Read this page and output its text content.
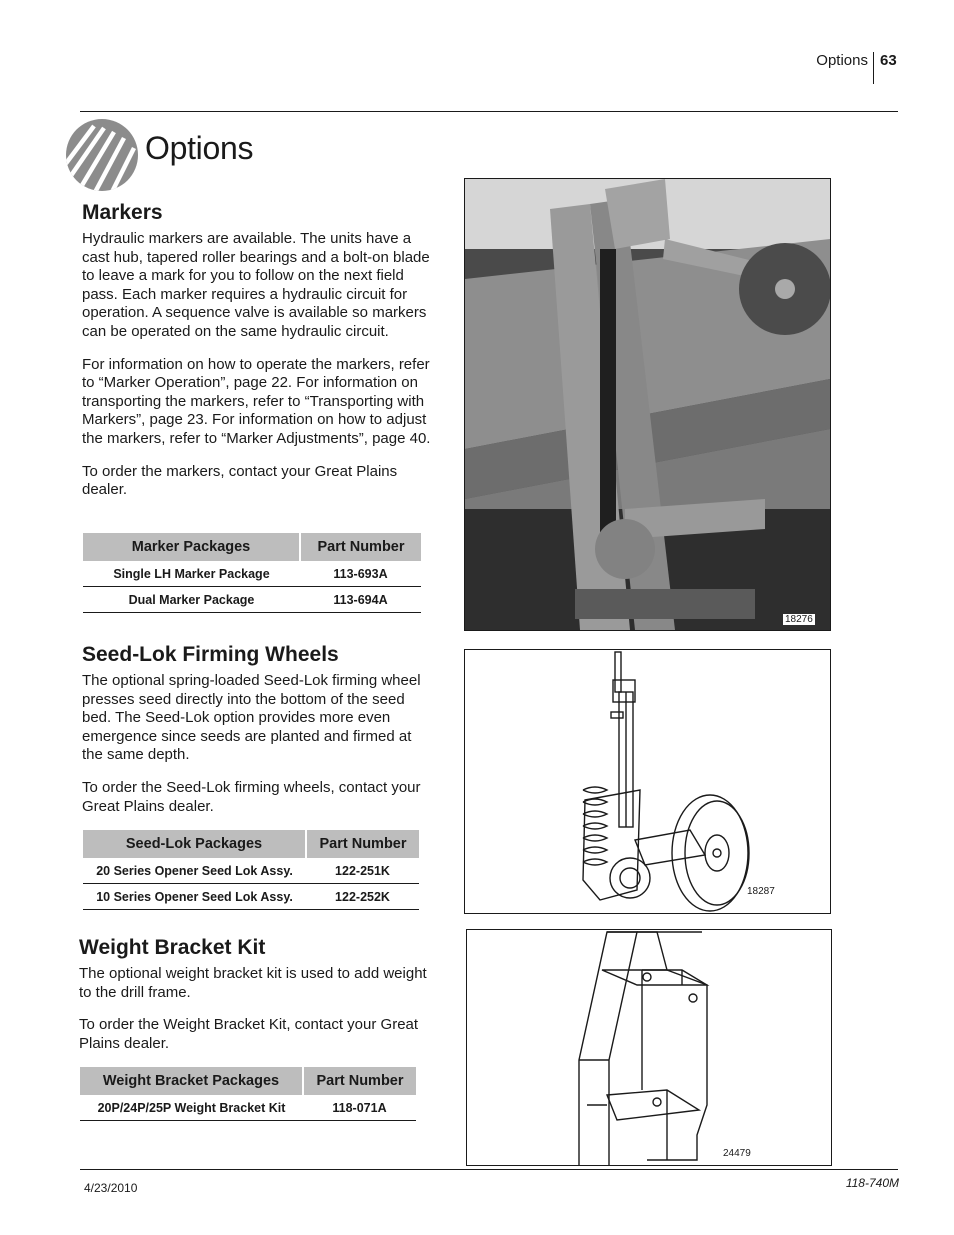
Options 63
Options
Markers

Hydraulic markers are available. The units have a cast hub, tapered roller bearings and a bolt-on blade to leave a mark for you to follow on the next field pass. Each marker requires a hydraulic circuit for operation. A sequence valve is available so markers can be operated on the same hydraulic circuit.

For information on how to operate the markers, refer to “Marker Operation”, page 22. For information on transporting the markers, refer to “Transporting with Markers”, page 23. For information on how to adjust the markers, refer to “Marker Adjustments”, page 40.

To order the markers, contact your Great Plains dealer.

Marker Packages	Part Number
Single LH Marker Package	113-693A
Dual Marker Package	113-694A
Seed-Lok Firming Wheels

The optional spring-loaded Seed-Lok firming wheel presses seed directly into the bottom of the seed bed. The Seed-Lok option provides more even emergence since seeds are planted and firmed at the same depth.

To order the Seed-Lok firming wheels, contact your Great Plains dealer.

Seed-Lok Packages	Part Number
20 Series Opener Seed Lok Assy.	122-251K
10 Series Opener Seed Lok Assy.	122-252K
Weight Bracket Kit

The optional weight bracket kit is used to add weight to the drill frame.

To order the Weight Bracket Kit, contact your Great Plains dealer.

Weight Bracket Packages	Part Number
20P/24P/25P Weight Bracket Kit	118-071A
18276
18287
24479
4/23/2010	118-740M
